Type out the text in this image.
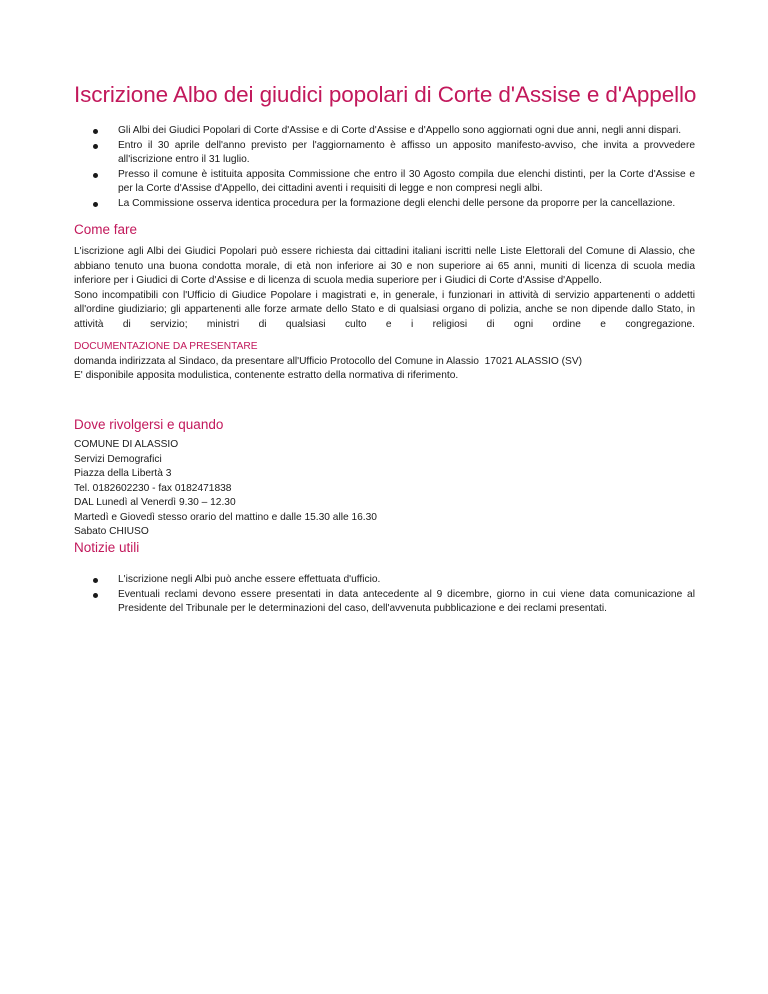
Iscrizione Albo dei giudici popolari di Corte d'Assise e d'Appello
Gli Albi dei Giudici Popolari di Corte d'Assise e di Corte d'Assise e d'Appello sono aggiornati ogni due anni, negli anni dispari.
Entro il 30 aprile dell'anno previsto per l'aggiornamento è affisso un apposito manifesto-avviso, che invita a provvedere all'iscrizione entro il 31 luglio.
Presso il comune è istituita apposita Commissione che entro il 30 Agosto compila due elenchi distinti, per la Corte d'Assise e per la Corte d'Assise d'Appello, dei cittadini aventi i requisiti di legge e non compresi negli albi.
La Commissione osserva identica procedura per la formazione degli elenchi delle persone da proporre per la cancellazione.
Come fare
L'iscrizione agli Albi dei Giudici Popolari può essere richiesta dai cittadini italiani iscritti nelle Liste Elettorali del Comune di Alassio, che abbiano tenuto una buona condotta morale, di età non inferiore ai 30 e non superiore ai 65 anni, muniti di licenza di scuola media inferiore per i Giudici di Corte d'Assise e di licenza di scuola media superiore per i Giudici di Corte d'Assise d'Appello.
Sono incompatibili con l'Ufficio di Giudice Popolare i magistrati e, in generale, i funzionari in attività di servizio appartenenti o addetti all'ordine giudiziario; gli appartenenti alle forze armate dello Stato e di qualsiasi organo di polizia, anche se non dipende dallo Stato, in attività di servizio; ministri di qualsiasi culto e i religiosi di ogni ordine e congregazione.
DOCUMENTAZIONE DA PRESENTARE
domanda indirizzata al Sindaco, da presentare all'Ufficio Protocollo del Comune in Alassio  17021 ALASSIO (SV)
E' disponibile apposita modulistica, contenente estratto della normativa di riferimento.
Dove rivolgersi e quando
COMUNE DI ALASSIO
Servizi Demografici
Piazza della Libertà 3
Tel. 0182602230 - fax 0182471838
DAL Lunedì al Venerdì 9.30 – 12.30
Martedì e Giovedì stesso orario del mattino e dalle 15.30 alle 16.30
Sabato CHIUSO
Notizie utili
L'iscrizione negli Albi può anche essere effettuata d'ufficio.
Eventuali reclami devono essere presentati in data antecedente al 9 dicembre, giorno in cui viene data comunicazione al Presidente del Tribunale per le determinazioni del caso, dell'avvenuta pubblicazione e dei reclami presentati.
